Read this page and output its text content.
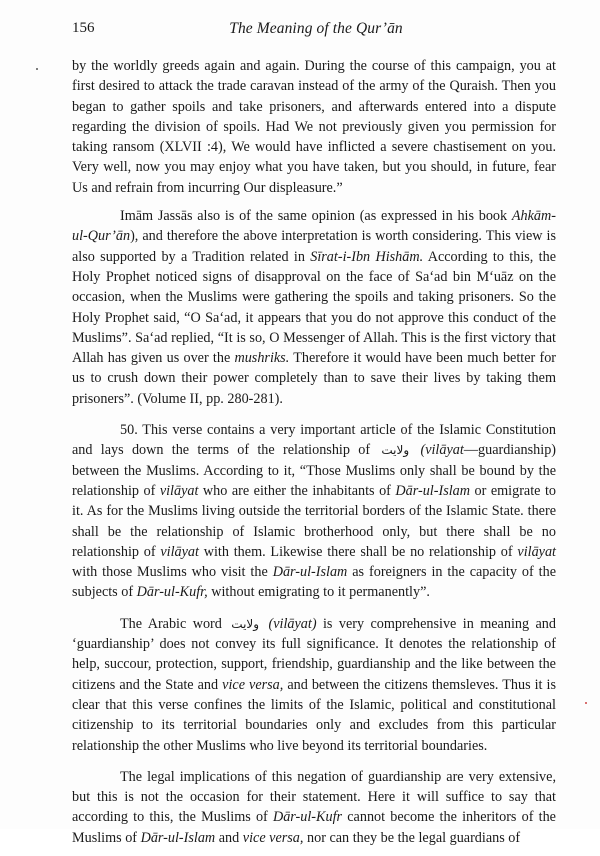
156	The Meaning of the Qur’ān

by the worldly greeds again and again. During the course of this campaign, you at first desired to attack the trade caravan instead of the army of the Quraish. Then you began to gather spoils and take prisoners, and afterwards entered into a dispute regarding the division of spoils. Had We not previously given you permission for taking ransom (XLVII :4), We would have inflicted a severe chastisement on you. Very well, now you may enjoy what you have taken, but you should, in future, fear Us and refrain from incurring Our displeasure.”

Imām Jassās also is of the same opinion (as expressed in his book Ahkām-ul-Qur’ān), and therefore the above interpretation is worth considering. This view is also supported by a Tradition related in Sīrat-i-Ibn Hishām. According to this, the Holy Prophet noticed signs of disapproval on the face of Sa‘ad bin M‘uāz on the occasion, when the Muslims were gathering the spoils and taking prisoners. So the Holy Prophet said, “O Sa‘ad, it appears that you do not approve this conduct of the Muslims”. Sa‘ad replied, “It is so, O Messenger of Allah. This is the first victory that Allah has given us over the mushriks. Therefore it would have been much better for us to crush down their power completely than to save their lives by taking them prisoners”. (Volume II, pp. 280-281).

50. This verse contains a very important article of the Islamic Constitution and lays down the terms of the relationship of ولایت (vilāyat—guardianship) between the Muslims. According to it, “Those Muslims only shall be bound by the relationship of vilāyat who are either the inhabitants of Dār-ul-Islam or emigrate to it. As for the Muslims living outside the territorial borders of the Islamic State. there shall be the relationship of Islamic brotherhood only, but there shall be no relationship of vilāyat with them. Likewise there shall be no relationship of vilāyat with those Muslims who visit the Dār-ul-Islam as foreigners in the capacity of the subjects of Dār-ul-Kufr, without emigrating to it permanently”.

The Arabic word ولایت (vilāyat) is very comprehensive in meaning and ‘guardianship’ does not convey its full significance. It denotes the relationship of help, succour, protection, support, friendship, guardianship and the like between the citizens and the State and vice versa, and between the citizens themsleves. Thus it is clear that this verse confines the limits of the Islamic, political and constitutional citizenship to its territorial boundaries only and excludes from this particular relationship the other Muslims who live beyond its territorial boundaries.

The legal implications of this negation of guardianship are very extensive, but this is not the occasion for their statement. Here it will suffice to say that according to this, the Muslims of Dār-ul-Kufr cannot become the inheritors of the Muslims of Dār-ul-Islam and vice versa, nor can they be the legal guardians of
